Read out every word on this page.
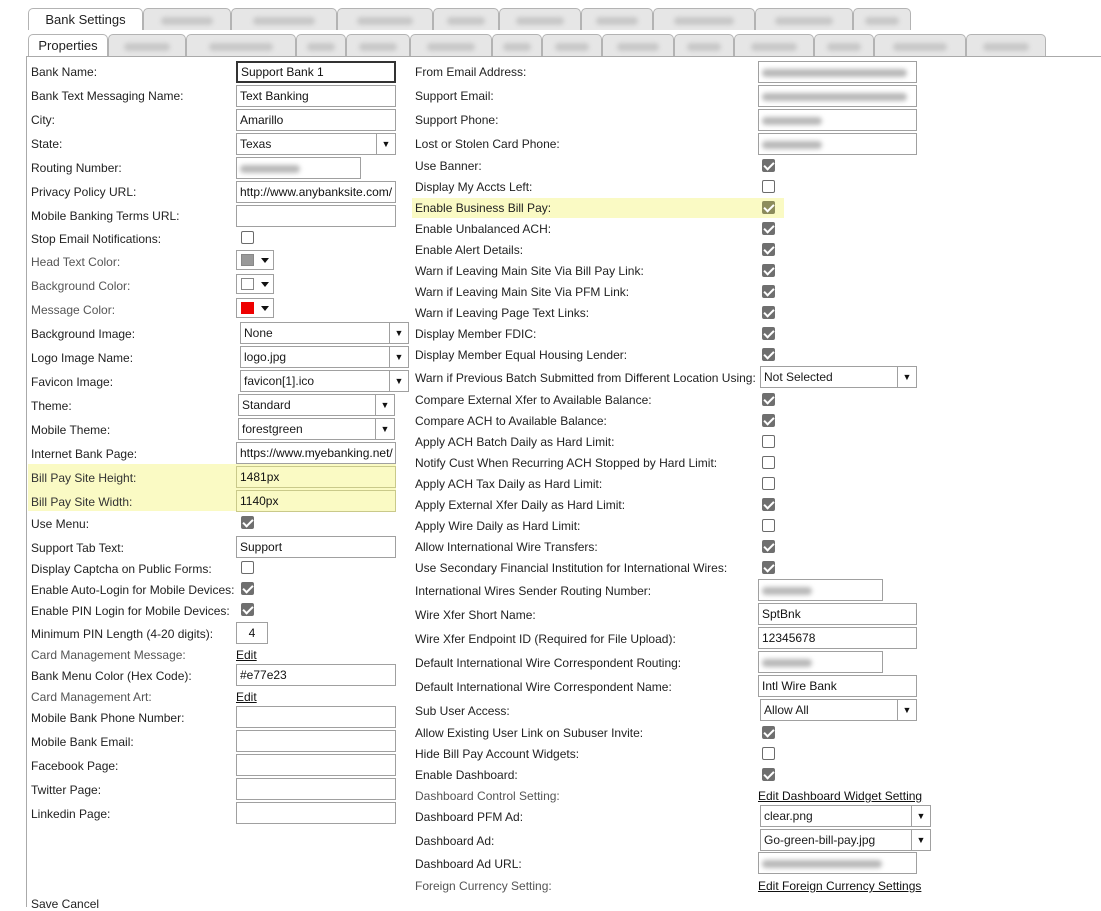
Bank Settings
Properties
Bank Name:	Support Bank 1
Bank Text Messaging Name:	Text Banking
City:	Amarillo
State:	Texas	▼
Routing Number:
Privacy Policy URL:	http://www.anybanksite.com/
Mobile Banking Terms URL:
Stop Email Notifications:
Head Text Color:
Background Color:
Message Color:
Background Image:	None	▼
Logo Image Name:	logo.jpg	▼
Favicon Image:	favicon[1].ico	▼
Theme:	Standard	▼
Mobile Theme:	forestgreen	▼
Internet Bank Page:	https://www.myebanking.net/
Bill Pay Site Height:	1481px
Bill Pay Site Width:	1140px
Use Menu:
Support Tab Text:	Support
Display Captcha on Public Forms:
Enable Auto-Login for Mobile Devices:
Enable PIN Login for Mobile Devices:
Minimum PIN Length (4-20 digits):	4
Card Management Message:	Edit
Bank Menu Color (Hex Code):	#e77e23
Card Management Art:	Edit
Mobile Bank Phone Number:
Mobile Bank Email:
Facebook Page:
Twitter Page:
Linkedin Page:
Save Cancel
From Email Address:
Support Email:
Support Phone:
Lost or Stolen Card Phone:
Use Banner:
Display My Accts Left:
Enable Business Bill Pay:
Enable Unbalanced ACH:
Enable Alert Details:
Warn if Leaving Main Site Via Bill Pay Link:
Warn if Leaving Main Site Via PFM Link:
Warn if Leaving Page Text Links:
Display Member FDIC:
Display Member Equal Housing Lender:
Warn if Previous Batch Submitted from Different Location Using: Not Selected	▼
Compare External Xfer to Available Balance:
Compare ACH to Available Balance:
Apply ACH Batch Daily as Hard Limit:
Notify Cust When Recurring ACH Stopped by Hard Limit:
Apply ACH Tax Daily as Hard Limit:
Apply External Xfer Daily as Hard Limit:
Apply Wire Daily as Hard Limit:
Allow International Wire Transfers:
Use Secondary Financial Institution for International Wires:
International Wires Sender Routing Number:
Wire Xfer Short Name:	SptBnk
Wire Xfer Endpoint ID (Required for File Upload):	12345678
Default International Wire Correspondent Routing:
Default International Wire Correspondent Name:	Intl Wire Bank
Sub User Access:	Allow All	▼
Allow Existing User Link on Subuser Invite:
Hide Bill Pay Account Widgets:
Enable Dashboard:
Dashboard Control Setting:	Edit Dashboard Widget Setting
Dashboard PFM Ad:	clear.png	▼
Dashboard Ad:	Go-green-bill-pay.jpg	▼
Dashboard Ad URL:
Foreign Currency Setting:	Edit Foreign Currency Settings
